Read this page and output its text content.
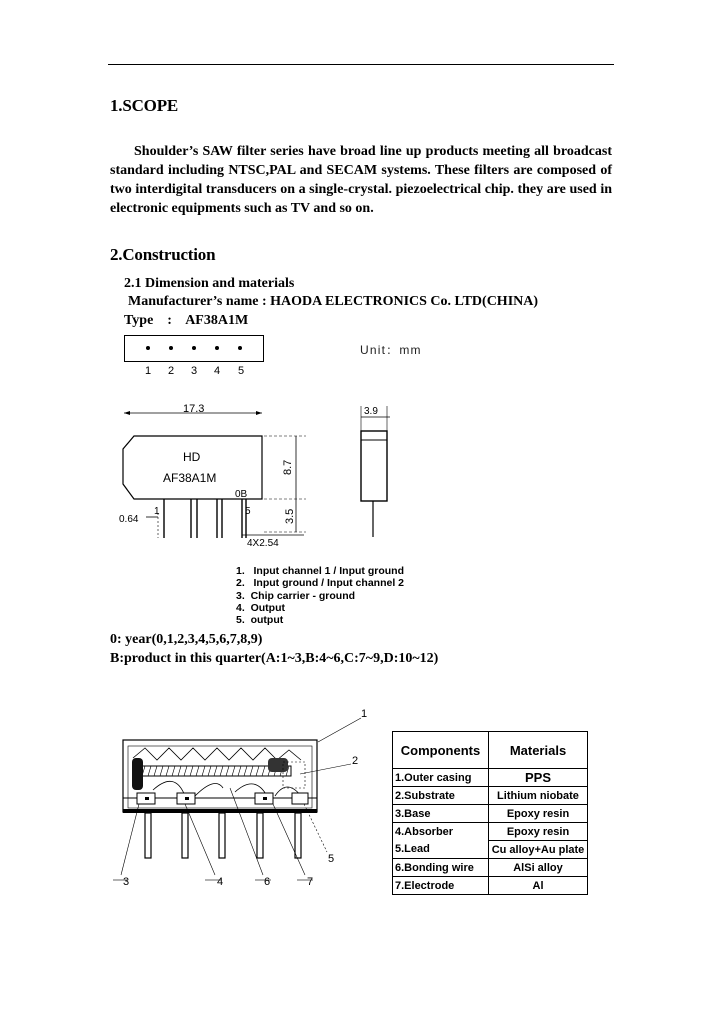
1.SCOPE

Shoulder’s SAW filter series have broad line up products meeting all broadcast standard including NTSC,PAL and SECAM systems. These filters are composed of two interdigital transducers on a single-crystal. piezoelectrical chip. they are used in electronic equipments such as TV and so on.

2.Construction
2.1 Dimension and materials
Manufacturer’s name : HAODA ELECTRONICS Co. LTD(CHINA)
Type    :    AF38A1M
1 2 3 4 5
Unit：mm
17.3
HD
AF38A1M
0B
1	5
0.64
4X2.54
8.7
3.5
3.9
1.   Input channel 1 / Input ground
2.   Input ground / Input channel 2
3.  Chip carrier - ground
4.  Output
5.  output
0: year(0,1,2,3,4,5,6,7,8,9)
B:product in this quarter(A:1~3,B:4~6,C:7~9,D:10~12)
1
2
3	4
5
6	7
Components	Materials
1.Outer casing	PPS
2.Substrate	Lithium niobate
3.Base	Epoxy resin
4.Absorber	Epoxy resin
5.Lead	Cu alloy+Au plate
6.Bonding wire	AlSi alloy
7.Electrode	Al
